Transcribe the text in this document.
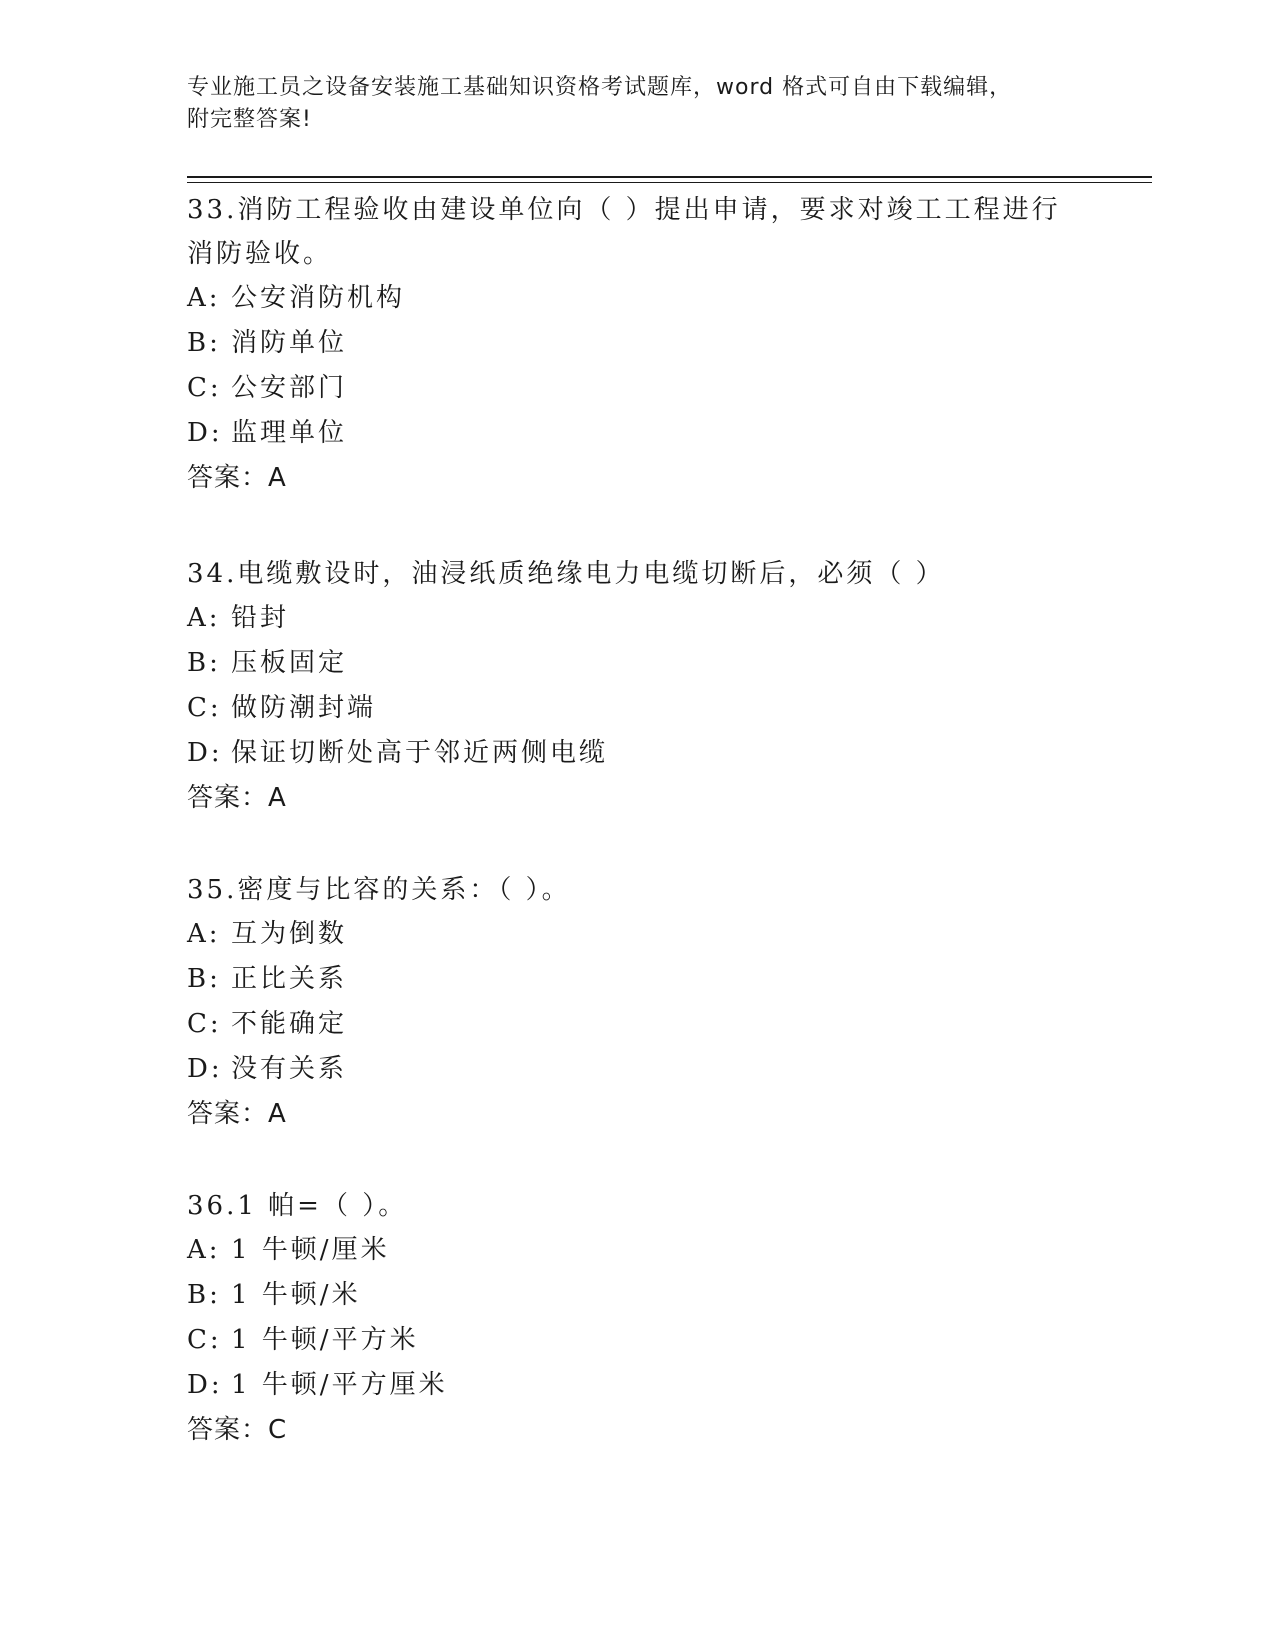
专业施工员之设备安装施工基础知识资格考试题库，word 格式可自由下载编辑，
附完整答案!

33.消防工程验收由建设单位向（ ）提出申请，要求对竣工工程进行
消防验收。

A: 公安消防机构

B: 消防单位

C: 公安部门

D: 监理单位

答案：A

34.电缆敷设时，油浸纸质绝缘电力电缆切断后，必须（ ）

A: 铅封

B: 压板固定

C: 做防潮封端

D: 保证切断处高于邻近两侧电缆

答案：A

35.密度与比容的关系：（ ）。

A: 互为倒数

B: 正比关系

C: 不能确定

D: 没有关系

答案：A

36.1 帕=（ ）。

A: 1 牛顿/厘米

B: 1 牛顿/米

C: 1 牛顿/平方米

D: 1 牛顿/平方厘米

答案：C
